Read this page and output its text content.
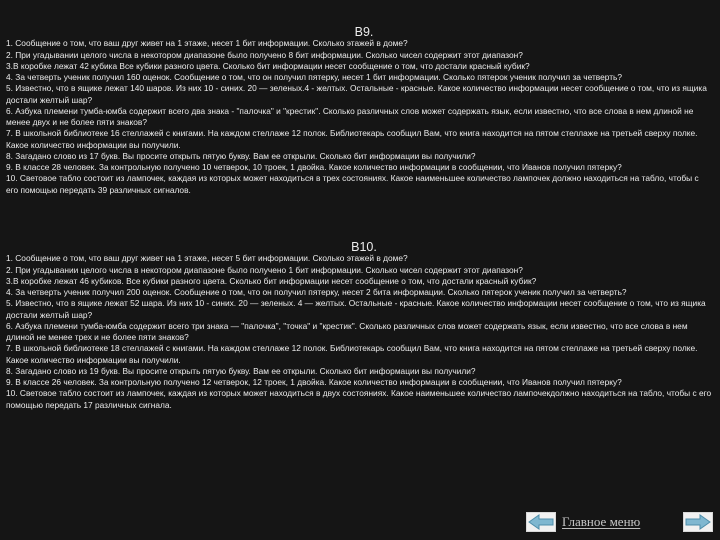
В9.

1. Сообщение о том, что ваш друг живет на 1 этаже, несет 1 бит информации. Сколько этажей в доме?

2. При угадывании целого числа в некотором диапазоне было получено 8 бит информации. Сколько чисел содержит этот диапазон?

3.В коробке лежат 42 кубика Все кубики разного цвета. Сколько бит информации несет сообщение о том, что достали красный кубик?

4. За четверть ученик получил 160 оценок. Сообщение о том, что он получил пятерку, несет 1 бит информации. Сколько пятерок ученик получил за четверть?

5. Известно, что в ящике лежат 140 шаров. Из них 10 - синих. 20 — зеленых.4 - желтых. Остальные - красные. Какое количество информации несет сообщение о том, что из ящика достали желтый шар?

6. Азбука племени тумба-юмба содержит всего два знака - "палочка" и "крестик". Сколько различных слов может содержать язык, если известно, что все слова в нем длиной не менее двух и не более пяти знаков?

7. В школьной библиотеке 16 стеллажей с книгами. На каждом стеллаже 12 полок. Библиотекарь сообщил Вам, что книга находится на пятом стеллаже на третьей сверху полке. Какое количество информации вы получили.

8. Загадано слово из 17 букв. Вы просите открыть пятую букву. Вам ее открыли. Сколько бит информации вы получили?

9. В классе 28 человек. За контрольную получено 10 четверок, 10 троек, 1 двойка. Какое количество информации в сообщении, что Иванов получил пятерку?

10. Световое табло состоит из лампочек, каждая из которых может находиться в трех состояниях. Какое наименьшее количество лампочек должно находиться на табло, чтобы с его помощью передать 39 различных сигналов.

В10.

1. Сообщение о том, что ваш друг живет на 1 этаже, несет 5 бит информации. Сколько этажей в доме?

2. При угадывании целого числа в некотором диапазоне было получено 1 бит информации. Сколько чисел содержит этот диапазон?

3.В коробке лежат 46 кубиков. Все кубики разного цвета. Сколько бит информации несет сообщение о том, что достали красный кубик?

4. За четверть ученик получил 200 оценок. Сообщение о том, что он получил пятерку, несет 2 бита информации. Сколько пятерок ученик получил за четверть?

5. Известно, что в ящике лежат 52 шара. Из них 10 - синих. 20 — зеленых. 4 — желтых. Остальные - красные. Какое количество информации несет сообщение о том, что из ящика достали желтый шар?

6. Азбука племени тумба-юмба содержит всего три знака — "палочка", "точка" и "крестик". Сколько различных слов может содержать язык, если известно, что все слова в нем длиной не менее трех и не более пяти знаков?

7. В школьной библиотеке 18 стеллажей с книгами. На каждом стеллаже 12 полок. Библиотекарь сообщил Вам, что книга находится на пятом стеллаже на третьей сверху полке. Какое количество информации вы получили.

8. Загадано слово из 19 букв. Вы просите открыть пятую букву. Вам ее открыли. Сколько бит информации вы получили?

9. В классе 26 человек. За контрольную получено 12 четверок, 12 троек, 1 двойка. Какое количество информации в сообщении, что Иванов получил пятерку?

10. Световое табло состоит из лампочек, каждая из которых может находиться в двух состояниях. Какое наименьшее количество лампочекдолжно находиться на табло, чтобы с его помощью передать 17 различных сигнала.

Главное меню
